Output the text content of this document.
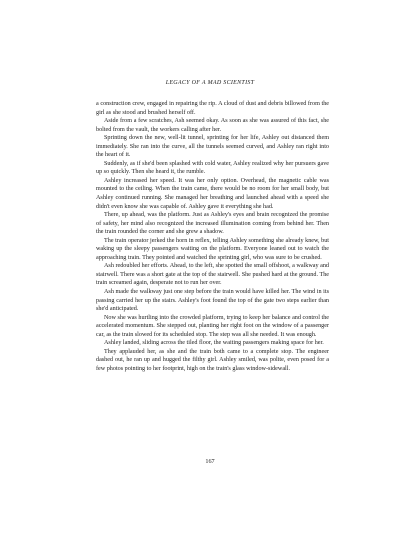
LEGACY OF A MAD SCIENTIST

a construction crew, engaged in repairing the rip. A cloud of dust and debris billowed from the girl as she stood and brushed herself off.

Aside from a few scratches, Ash seemed okay. As soon as she was assured of this fact, she bolted from the vault, the workers calling after her.

Sprinting down the new, well-lit tunnel, sprinting for her life, Ashley out distanced them immediately. She ran into the curve, all the tunnels seemed curved, and Ashley ran right into the heart of it.

Suddenly, as if she'd been splashed with cold water, Ashley realized why her pursuers gave up so quickly. Then she heard it, the rumble.

Ashley increased her speed. It was her only option. Overhead, the magnetic cable was mounted to the ceiling. When the train came, there would be no room for her small body, but Ashley continued running. She managed her breathing and launched ahead with a speed she didn't even know she was capable of. Ashley gave it everything she had.

There, up ahead, was the platform. Just as Ashley's eyes and brain recognized the promise of safety, her mind also recognized the increased illumination coming from behind her. Then the train rounded the corner and she grew a shadow.

The train operator jerked the horn in reflex, telling Ashley something she already knew, but waking up the sleepy passengers waiting on the platform. Everyone leaned out to watch the approaching train. They pointed and watched the sprinting girl, who was sure to be crushed.

Ash redoubled her efforts. Ahead, to the left, she spotted the small offshoot, a walkway and stairwell. There was a short gate at the top of the stairwell. She pushed hard at the ground. The train screamed again, desperate not to run her over.

Ash made the walkway just one step before the train would have killed her. The wind in its passing carried her up the stairs. Ashley's foot found the top of the gate two steps earlier than she'd anticipated.

Now she was hurtling into the crowded platform, trying to keep her balance and control the accelerated momentum. She stepped out, planting her right foot on the window of a passenger car, as the train slowed for its scheduled stop. The step was all she needed. It was enough.

Ashley landed, sliding across the tiled floor, the waiting passengers making space for her.

They applauded her, as she and the train both came to a complete stop. The engineer dashed out, he ran up and hugged the filthy girl. Ashley smiled, was polite, even posed for a few photos pointing to her footprint, high on the train's glass window-sidewall.

167
